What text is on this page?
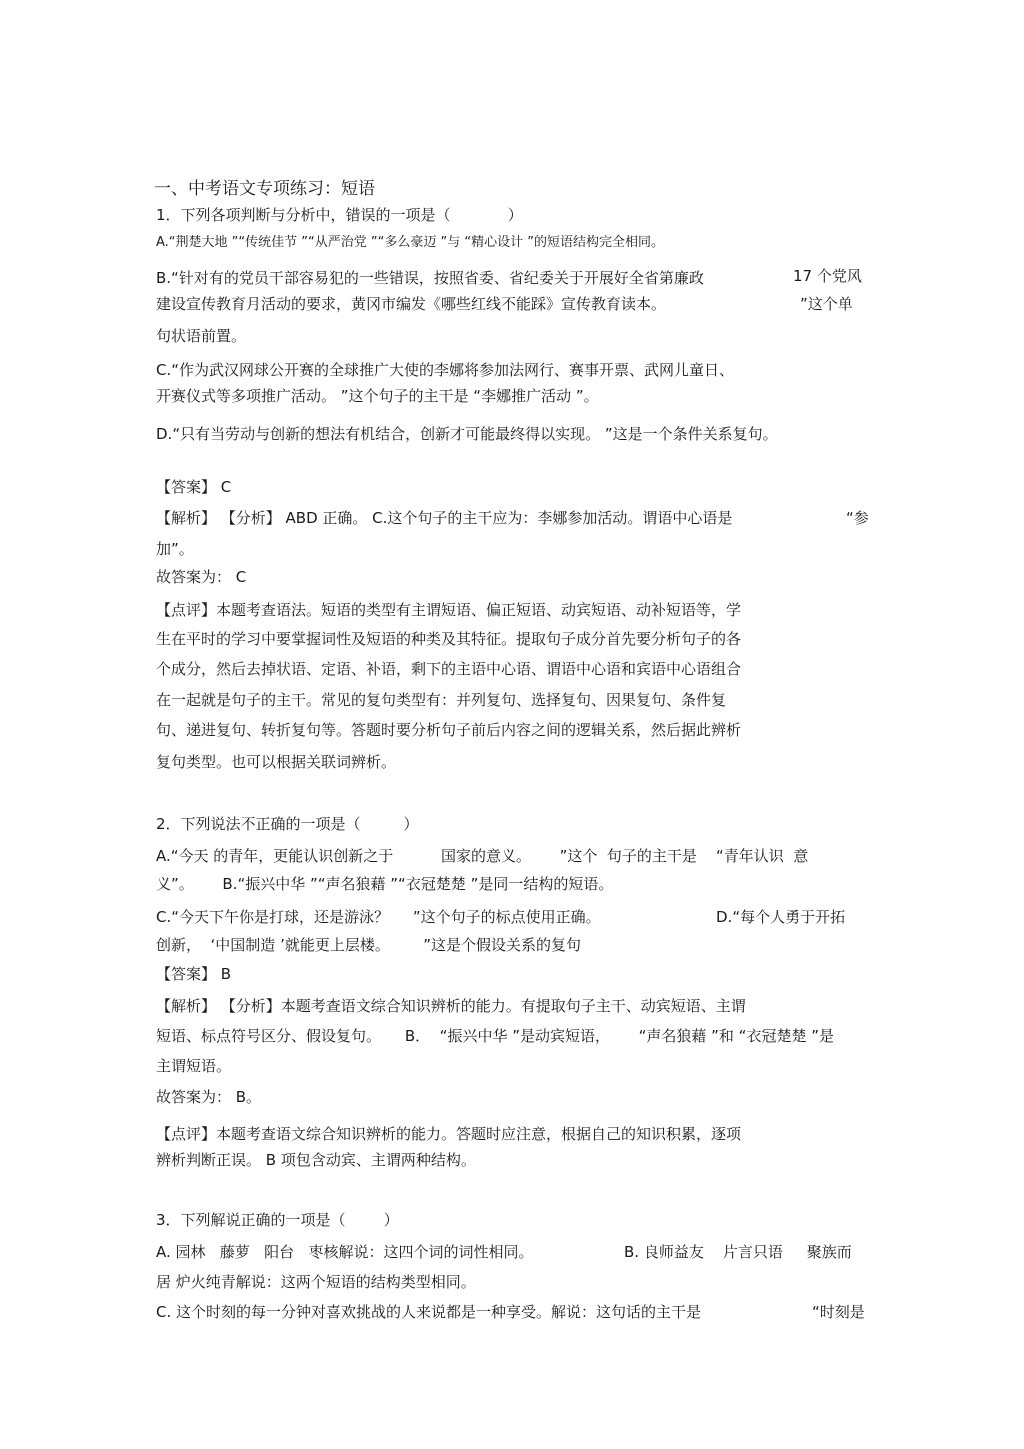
一、中考语文专项练习：短语

1．下列各项判断与分析中，错误的一项是（            ）

A.“荆楚大地 ”“传统佳节 ”“从严治党 ”“多么豪迈 ”与 “精心设计 ”的短语结构完全相同。

B.“针对有的党员干部容易犯的一些错误，按照省委、省纪委关于开展好全省第廉政	17 个党风

建设宣传教育月活动的要求，黄冈市编发《哪些红线不能踩》宣传教育读本。	”这个单

句状语前置。

C.“作为武汉网球公开赛的全球推广大使的李娜将参加法网行、赛事开票、武网儿童日、

开赛仪式等多项推广活动。 ”这个句子的主干是 “李娜推广活动 ”。

D.“只有当劳动与创新的想法有机结合，创新才可能最终得以实现。 ”这是一个条件关系复句。

【答案】 C

【解析】 【分析】 ABD 正确。 C.这个句子的主干应为：李娜参加活动。谓语中心语是	“参

加”。

故答案为： C

【点评】本题考查语法。短语的类型有主谓短语、偏正短语、动宾短语、动补短语等，学

生在平时的学习中要掌握词性及短语的种类及其特征。提取句子成分首先要分析句子的各

个成分，然后去掉状语、定语、补语，剩下的主语中心语、谓语中心语和宾语中心语组合

在一起就是句子的主干。常见的复句类型有：并列复句、选择复句、因果复句、条件复

句、递进复句、转折复句等。答题时要分析句子前后内容之间的逻辑关系，然后据此辨析

复句类型。也可以根据关联词辨析。

2．下列说法不正确的一项是（         ）

A.“今天 的青年，更能认识创新之于          国家的意义。      ”这个  句子的主干是    “青年认识  意

义”。      B.“振兴中华 ”“声名狼藉 ”“衣冠楚楚 ”是同一结构的短语。

C.“今天下午你是打球，还是游泳？     ”这个句子的标点使用正确。	D.“每个人勇于开拓

创新，  ‘中国制造 ’就能更上层楼。       ”这是个假设关系的复句

【答案】 B

【解析】 【分析】本题考查语文综合知识辨析的能力。有提取句子主干、动宾短语、主谓

短语、标点符号区分、假设复句。     B．  “振兴中华 ”是动宾短语，      “声名狼藉 ”和 “衣冠楚楚 ”是

主谓短语。

故答案为： B。

【点评】本题考查语文综合知识辨析的能力。答题时应注意，根据自己的知识积累，逐项

辨析判断正误。 B 项包含动宾、主谓两种结构。

3．下列解说正确的一项是（        ）

A. 园林   藤萝   阳台   枣核解说：这四个词的词性相同。	B. 良师益友    片言只语     聚族而

居 炉火纯青解说：这两个短语的结构类型相同。

C. 这个时刻的每一分钟对喜欢挑战的人来说都是一种享受。解说：这句话的主干是	“时刻是
